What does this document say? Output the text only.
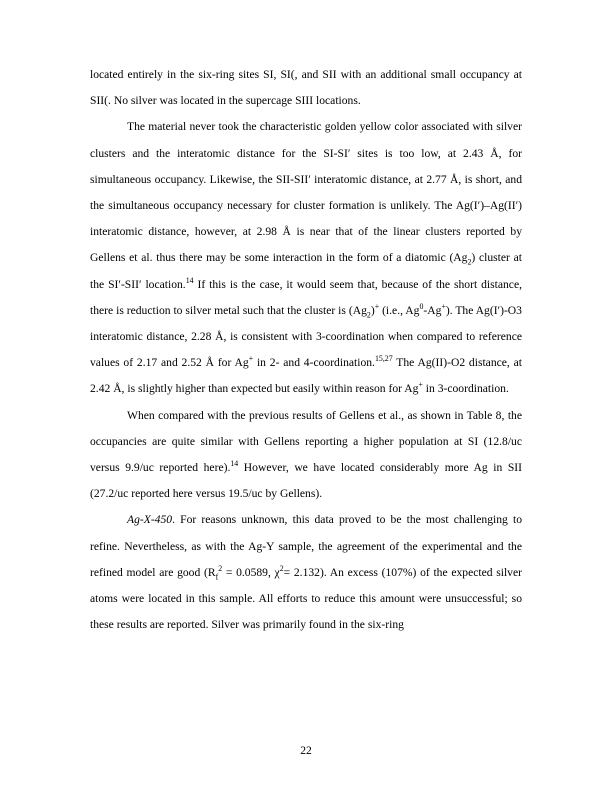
located entirely in the six-ring sites SI, SI(, and SII with an additional small occupancy at SII(. No silver was located in the supercage SIII locations.

The material never took the characteristic golden yellow color associated with silver clusters and the interatomic distance for the SI-SI′ sites is too low, at 2.43 Å, for simultaneous occupancy. Likewise, the SII-SII′ interatomic distance, at 2.77 Å, is short, and the simultaneous occupancy necessary for cluster formation is unlikely. The Ag(I′)–Ag(II′) interatomic distance, however, at 2.98 Å is near that of the linear clusters reported by Gellens et al. thus there may be some interaction in the form of a diatomic $(Ag_2)$ cluster at the SI′-SII′ location.$^{14}$ If this is the case, it would seem that, because of the short distance, there is reduction to silver metal such that the cluster is $(Ag_2)^+$ (i.e., Ag$^0$-Ag+). The Ag(I′)-O3 interatomic distance, 2.28 Å, is consistent with 3-coordination when compared to reference values of 2.17 and 2.52 Å for Ag+ in 2- and 4-coordination.$^{15,27}$ The Ag(II)-O2 distance, at 2.42 Å, is slightly higher than expected but easily within reason for Ag+ in 3-coordination.

When compared with the previous results of Gellens et al., as shown in Table 8, the occupancies are quite similar with Gellens reporting a higher population at SI (12.8/uc versus 9.9/uc reported here).$^{14}$ However, we have located considerably more Ag in SII (27.2/uc reported here versus 19.5/uc by Gellens).

Ag-X-450. For reasons unknown, this data proved to be the most challenging to refine. Nevertheless, as with the Ag-Y sample, the agreement of the experimental and the refined model are good ($R_f^2 = 0.0589$, $\chi^2= 2.132$). An excess (107%) of the expected silver atoms were located in this sample. All efforts to reduce this amount were unsuccessful; so these results are reported. Silver was primarily found in the six-ring

22
